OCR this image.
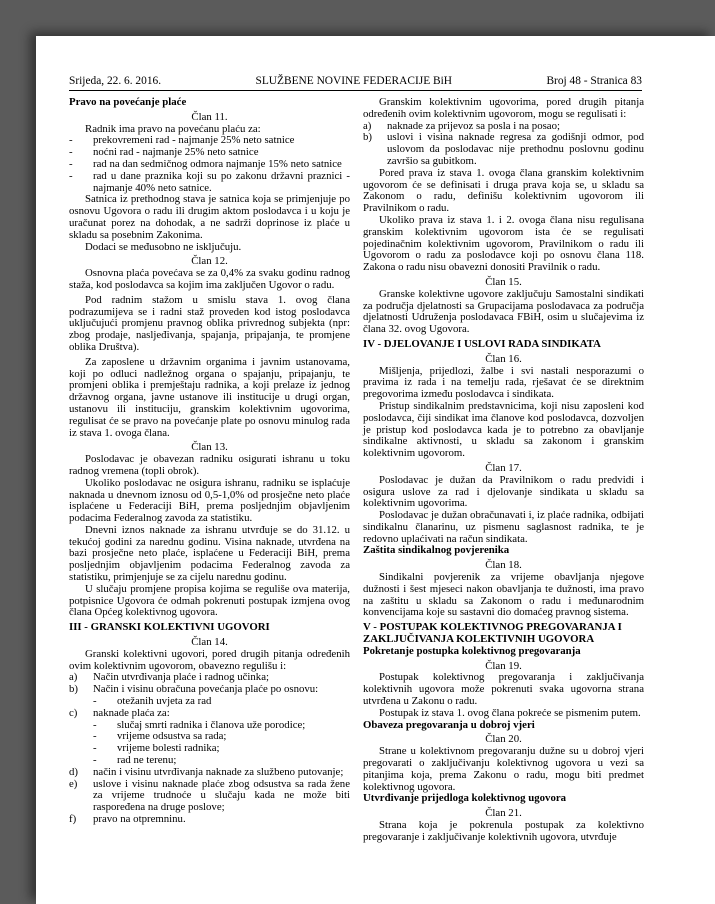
Srijeda, 22. 6. 2016.	SLUŽBENE NOVINE FEDERACIJE BiH	Broj 48 - Stranica 83

Pravo na povećanje plaće

Član 11.

Radnik ima pravo na povećanu plaću za:

-	prekovremeni rad - najmanje 25% neto satnice
-	noćni rad - najmanje 25% neto satnice
-	rad na dan sedmičnog odmora najmanje 15% neto satnice
-	rad u dane praznika koji su po zakonu državni praznici - najmanje 40% neto satnice.

Satnica iz prethodnog stava je satnica koja se primjenjuje po osnovu Ugovora o radu ili drugim aktom poslodavca i u koju je uračunat porez na dohodak, a ne sadrži doprinose iz plaće u skladu sa posebnim Zakonima.

Dodaci se međusobno ne isključuju.

Član 12.

Osnovna plaća povećava se za 0,4% za svaku godinu radnog staža, kod poslodavca sa kojim ima zaključen Ugovor o radu.

Pod radnim stažom u smislu stava 1. ovog člana podrazumijeva se i radni staž proveden kod istog poslodavca uključujući promjenu pravnog oblika privrednog subjekta (npr: zbog prodaje, nasljeđivanja, spajanja, pripajanja, te promjene oblika Društva).

Za zaposlene u državnim organima i javnim ustanovama, koji po odluci nadležnog organa o spajanju, pripajanju, te promjeni oblika i premještaju radnika, a koji prelaze iz jednog državnog organa, javne ustanove ili institucije u drugi organ, ustanovu ili instituciju, granskim kolektivnim ugovorima, regulisat će se pravo na povećanje plate po osnovu minulog rada iz stava 1. ovoga člana.

Član 13.

Poslodavac je obavezan radniku osigurati ishranu u toku radnog vremena (topli obrok).

Ukoliko poslodavac ne osigura ishranu, radniku se isplaćuje naknada u dnevnom iznosu od 0,5-1,0% od prosječne neto plaće isplaćene u Federaciji BiH, prema posljednjim objavljenim podacima Federalnog zavoda za statistiku.

Dnevni iznos naknade za ishranu utvrđuje se do 31.12. u tekućoj godini za narednu godinu. Visina naknade, utvrđena na bazi prosječne neto plaće, isplaćene u Federaciji BiH, prema posljednjim objavljenim podacima Federalnog zavoda za statistiku, primjenjuje se za cijelu narednu godinu.

U slučaju promjene propisa kojima se reguliše ova materija, potpisnice Ugovora će odmah pokrenuti postupak izmjena ovog člana Općeg kolektivnog ugovora.

III - GRANSKI KOLEKTIVNI UGOVORI

Član 14.

Granski kolektivni ugovori, pored drugih pitanja određenih ovim kolektivnim ugovorom, obavezno regulišu i:

a)	Način utvrđivanja plaće i radnog učinka;
b)	Način i visinu obračuna povećanja plaće po osnovu:
-	otežanih uvjeta za rad
c)	naknade plaća za:
-	slučaj smrti radnika i članova uže porodice;
-	vrijeme odsustva sa rada;
-	vrijeme bolesti radnika;
-	rad ne terenu;
d)	način i visinu utvrđivanja naknade za službeno putovanje;
e)	uslove i visinu naknade plaće zbog odsustva sa rada žene za vrijeme trudnoće u slučaju kada ne može biti raspoređena na druge poslove;
f)	pravo na otpremninu.

Granskim kolektivnim ugovorima, pored drugih pitanja određenih ovim kolektivnim ugovorom, mogu se regulisati i:

a)	naknade za prijevoz sa posla i na posao;
b)	uslovi i visina naknade regresa za godišnji odmor, pod uslovom da poslodavac nije prethodnu poslovnu godinu završio sa gubitkom.

Pored prava iz stava 1. ovoga člana granskim kolektivnim ugovorom će se definisati i druga prava koja se, u skladu sa Zakonom o radu, definišu kolektivnim ugovorom ili Pravilnikom o radu.

Ukoliko prava iz stava 1. i 2. ovoga člana nisu regulisana granskim kolektivnim ugovorom ista će se regulisati pojedinačnim kolektivnim ugovorom, Pravilnikom o radu ili Ugovorom o radu za poslodavce koji po osnovu člana 118. Zakona o radu nisu obavezni donositi Pravilnik o radu.

Član 15.

Granske kolektivne ugovore zaključuju Samostalni sindikati za područja djelatnosti sa Grupacijama poslodavaca za područja djelatnosti Udruženja poslodavaca FBiH, osim u slučajevima iz člana 32. ovog Ugovora.

IV - DJELOVANJE I USLOVI RADA SINDIKATA

Član 16.

Mišljenja, prijedlozi, žalbe i svi nastali nesporazumi o pravima iz rada i na temelju rada, rješavat će se direktnim pregovorima između poslodavca i sindikata.

Pristup sindikalnim predstavnicima, koji nisu zaposleni kod poslodavca, čiji sindikat ima članove kod poslodavca, dozvoljen je pristup kod poslodavca kada je to potrebno za obavljanje sindikalne aktivnosti, u skladu sa zakonom i granskim kolektivnim ugovorom.

Član 17.

Poslodavac je dužan da Pravilnikom o radu predvidi i osigura uslove za rad i djelovanje sindikata u skladu sa kolektivnim ugovorima.

Poslodavac je dužan obračunavati i, iz plaće radnika, odbijati sindikalnu članarinu, uz pismenu saglasnost radnika, te je redovno uplaćivati na račun sindikata.

Zaštita sindikalnog povjerenika

Član 18.

Sindikalni povjerenik za vrijeme obavljanja njegove dužnosti i šest mjeseci nakon obavljanja te dužnosti, ima pravo na zaštitu u skladu sa Zakonom o radu i međunarodnim konvencijama koje su sastavni dio domaćeg pravnog sistema.

V - POSTUPAK KOLEKTIVNOG PREGOVARANJA I ZAKLJUČIVANJA KOLEKTIVNIH UGOVORA

Pokretanje postupka kolektivnog pregovaranja

Član 19.

Postupak kolektivnog pregovaranja i zaključivanja kolektivnih ugovora može pokrenuti svaka ugovorna strana utvrđena u Zakonu o radu.

Postupak iz stava 1. ovog člana pokreće se pismenim putem.

Obaveza pregovaranja u dobroj vjeri

Član 20.

Strane u kolektivnom pregovaranju dužne su u dobroj vjeri pregovarati o zaključivanju kolektivnog ugovora u vezi sa pitanjima koja, prema Zakonu o radu, mogu biti predmet kolektivnog ugovora.

Utvrđivanje prijedloga kolektivnog ugovora

Član 21.

Strana koja je pokrenula postupak za kolektivno pregovaranje i zaključivanje kolektivnih ugovora, utvrđuje
